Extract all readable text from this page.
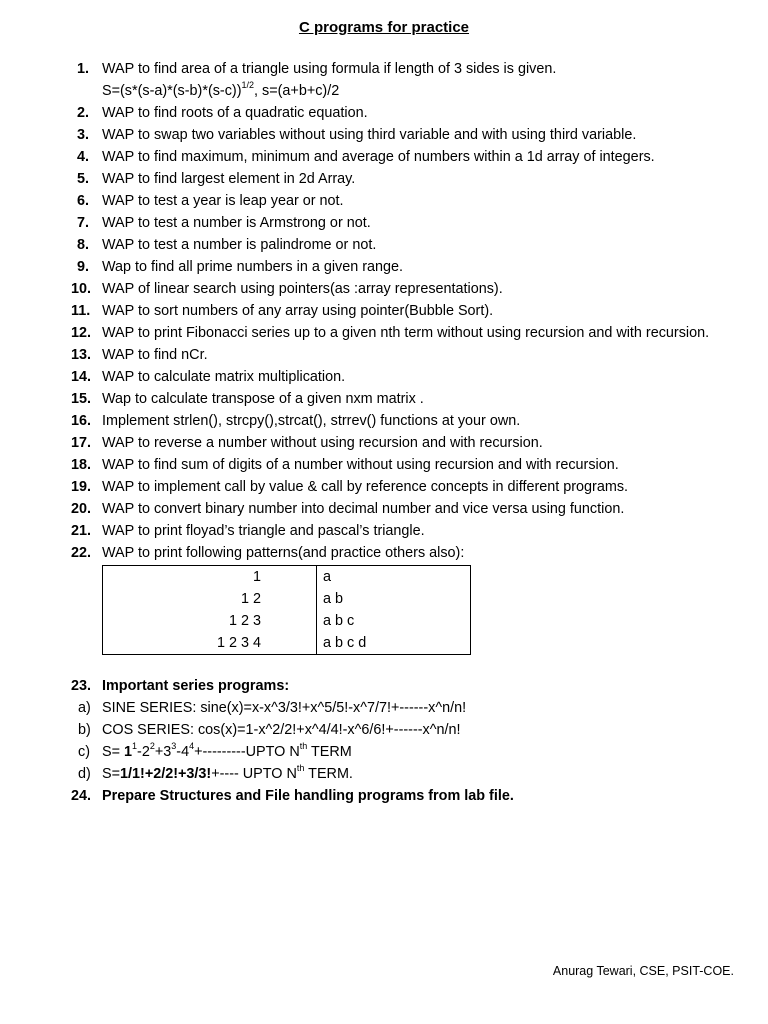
C programs for practice
1. WAP to find area of a triangle using formula if length of 3 sides is given.
$S=(s*(s-a)*(s-b)*(s-c))^{1/2}$, s=(a+b+c)/2
2. WAP to find roots of a quadratic equation.
3. WAP to swap two variables without using third variable and with using third variable.
4. WAP to find maximum, minimum and average of numbers within a 1d array of integers.
5. WAP to find largest element in 2d Array.
6. WAP to test a year is leap year or not.
7. WAP to test a number is Armstrong or not.
8. WAP to test a number is palindrome or not.
9. Wap to find all prime numbers in a given range.
10. WAP of linear search using pointers(as :array representations).
11. WAP to sort numbers of any array using pointer(Bubble Sort).
12. WAP to print Fibonacci series up to a given nth term without using recursion and with recursion.
13. WAP to find nCr.
14. WAP to calculate matrix multiplication.
15. Wap to calculate transpose of a given nxm matrix .
16. Implement strlen(), strcpy(),strcat(), strrev() functions at your own.
17. WAP to reverse a number without using recursion and with recursion.
18. WAP to find sum of digits of a number without using recursion and with recursion.
19. WAP to implement call by value & call by reference concepts in different programs.
20. WAP to convert binary number into decimal number and vice versa using function.
21. WAP to print floyad’s triangle and pascal’s triangle.
22. WAP to print following patterns(and practice others also):
1	a
1 2	a b
1 2 3	a b c
1 2 3 4	a b c d
23. Important series programs:
a) SINE SERIES: sine(x)=x-x^3/3!+x^5/5!-x^7/7!+------x^n/n!
b) COS SERIES: cos(x)=1-x^2/2!+x^4/4!-x^6/6!+------x^n/n!
c) $S= 1^1-2^2+3^3-4^4+--------$-UPTO $N^{th}$ TERM
d) S=1/1!+2/2!+3/3!+---- UPTO $N^{th}$ TERM.
24. Prepare Structures and File handling programs from lab file.
Anurag Tewari, CSE, PSIT-COE.
